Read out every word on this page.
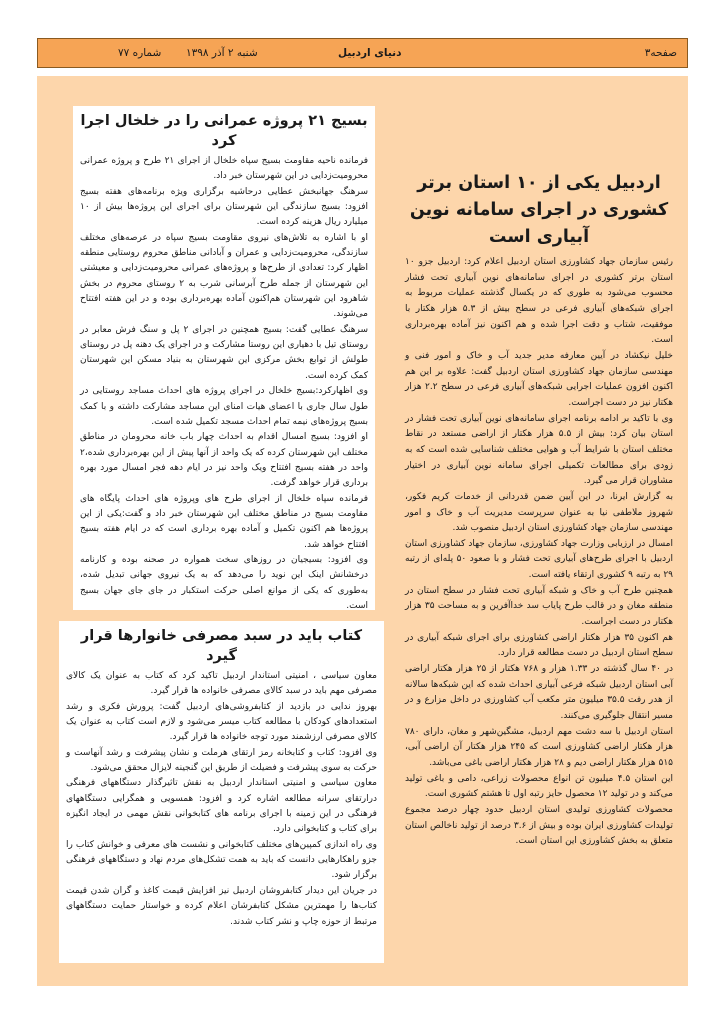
صفحه۳
دنیای اردبیل
شنبه ۲ آذر ۱۳۹۸
شماره ۷۷
بسیج ۲۱ پروژه عمرانی را در خلخال اجرا کرد

فرمانده ناحیه مقاومت بسیج سپاه خلخال از اجرای ۲۱ طرح و پروژه عمرانی محرومیت‌زدایی در این شهرستان خبر داد.

سرهنگ جهانبخش عطایی درحاشیه برگزاری ویژه برنامه‌های هفته بسیج افزود: بسیج سازندگی این شهرستان برای اجرای این پروژه‌ها بیش از ۱۰ میلیارد ریال هزینه کرده است.

او با اشاره به تلاش‌های نیروی مقاومت بسیج سپاه در عرصه‌های مختلف سازندگی، محرومیت‌زدایی و عمران و آبادانی مناطق محروم روستایی منطقه اظهار کرد: تعدادی از طرح‌ها و پروژه‌های عمرانی محرومیت‌زدایی و معیشتی این شهرستان از جمله طرح آبرسانی شرب به ۲ روستای محروم در بخش شاهرود این شهرستان هم‌اکنون آماده بهره‌برداری بوده و در این هفته افتتاح می‌شوند.

سرهنگ عطایی گفت: بسیج همچنین در اجرای ۲ پل و سنگ فرش معابر در روستای تیل با دهیاری این روستا مشارکت و در اجرای یک دهنه پل در روستای طولش از توابع بخش مرکزی این شهرستان به بنیاد مسکن این شهرستان کمک کرده است.

وی اظهارکرد:بسیج خلخال در اجرای پروژه های احداث مساجد روستایی در طول سال جاری با اعضای هیات امنای این مساجد مشارکت داشته و با کمک بسیج پروژه‌های نیمه تمام احداث مسجد تکمیل شده است.

او افزود: بسیج امسال اقدام به احداث چهار باب خانه محرومان در مناطق مختلف این شهرستان کرده که یک واحد از آنها پیش از این بهره‌برداری شده،۲ واحد در هفته بسیج افتتاح ویک واحد نیز در ایام دهه فجر امسال مورد بهره برداری قرار خواهد گرفت.

فرمانده سپاه خلخال از اجرای طرح های وپروژه های احداث پایگاه های مقاومت بسیج در مناطق مختلف این شهرستان خبر داد و گفت:یکی از این پروژه‌ها هم اکنون تکمیل و آماده بهره برداری است که در ایام هفته بسیج افتتاح خواهد شد.

وی افزود: بسیجیان در روزهای سخت همواره در صحنه بوده و کارنامه درخشانش اینک این نوید را می‌دهد که به یک نیروی جهانی تبدیل شده، به‌طوری که یکی از موانع اصلی حرکت استکبار در جای جای جهان بسیج است.

کتاب باید در سبد مصرفی خانوارها قرار گیرد

معاون سیاسی ، امنیتی استاندار اردبیل تاکید کرد که کتاب به عنوان یک کالای مصرفی مهم باید در سبد کالای مصرفی خانواده ها قرار گیرد.

بهروز ندایی در بازدید از کتابفروشی‌های اردبیل گفت: پرورش فکری و رشد استعدادهای کودکان با مطالعه کتاب میسر می‌شود و لازم است کتاب به عنوان یک کالای مصرفی ارزشمند مورد توجه خانواده ها قرار گیرد.

وی افزود: کتاب و کتابخانه رمز ارتقای هرملت و نشان پیشرفت و رشد آنهاست و حرکت به سوی پیشرفت و فضیلت از طریق این گنجینه لایزال محقق می‌شود.

معاون سیاسی و امنیتی استاندار اردبیل به نقش تاثیرگذار دستگاههای فرهنگی درارتقای سرانه مطالعه اشاره کرد و افزود: همسویی و همگرایی دستگاههای فرهنگی در این زمینه با اجرای برنامه های کتابخوانی نقش مهمی در ایجاد انگیزه برای کتاب و کتابخوانی دارد.

وی راه اندازی کمپین‌های مختلف کتابخوانی و نشست های معرفی و خوانش کتاب را جزو راهکارهایی دانست که باید به همت تشکل‌های مردم نهاد و دستگاههای فرهنگی برگزار شود.

در جریان این دیدار کتابفروشان اردبیل نیز افزایش قیمت کاغذ و گران شدن قیمت کتاب‌ها را مهمترین مشکل کتابفرشان اعلام کرده و خواستار حمایت دستگاههای مرتبط از حوزه چاپ و نشر کتاب شدند.

اردبیل یکی از ۱۰ استان برتر کشوری در اجرای سامانه نوین آبیاری است

رئیس سازمان جهاد کشاورزی استان اردبیل اعلام کرد: اردبیل جزو ۱۰ استان برتر کشوری در اجرای سامانه‌های نوین آبیاری تحت فشار محسوب می‌شود به طوری که در یکسال گذشته عملیات مربوط به اجرای شبکه‌های آبیاری فرعی در سطح بیش از ۵.۳ هزار هکتار با موفقیت، شتاب و دقت اجرا شده و هم اکنون نیز آماده بهره‌برداری است.

خلیل نیکشاد در آیین معارفه مدیر جدید آب و خاک و امور فنی و مهندسی سازمان جهاد کشاورزی استان اردبیل گفت: علاوه بر این هم اکنون افزون عملیات اجرایی شبکه‌های آبیاری فرعی در سطح ۲.۲ هزار هکتار نیز در دست اجراست.

وی با تاکید بر ادامه برنامه اجرای سامانه‌های نوین آبیاری تحت فشار در استان بیان کرد: بیش از ۵.۵ هزار هکتار از اراضی مستعد در نقاط مختلف استان با شرایط آب و هوایی مختلف شناسایی شده است که به زودی برای مطالعات تکمیلی اجرای سامانه نوین آبیاری در اختیار مشاوران قرار می گیرد.

به گزارش ایرنا، در این آیین ضمن قدردانی از خدمات کریم فکور، شهروز ملاطفی نیا به عنوان سرپرست مدیریت آب و خاک و امور مهندسی سازمان جهاد کشاورزی استان اردبیل منصوب شد.

امسال در ارزیابی وزارت جهاد کشاورزی، سازمان جهاد کشاورزی استان اردبیل با اجرای طرح‌های آبیاری تحت فشار و با صعود ۵۰ پله‌ای از رتبه ۲۹ به رتبه ۹ کشوری ارتقاء یافته است.

همچنین طرح آب و خاک و شبکه آبیاری تحت فشار در سطح استان در منطقه مغان و در قالب طرح پایاب سد خداآفرین و به مساحت ۳۵ هزار هکتار در دست اجراست.

هم اکنون ۳۵ هزار هکتار اراضی کشاورزی برای اجرای شبکه آبیاری در سطح استان اردبیل در دست مطالعه قرار دارد.

در ۴۰ سال گذشته در ۱.۳۳ هزار و ۷۶۸ هکتار از ۲۵ هزار هکتار اراضی آبی استان اردبیل شبکه فرعی آبیاری احداث شده که این شبکه‌ها سالانه از هدر رفت ۳۵.۵ میلیون متر مکعب آب کشاورزی در داخل مزارع و در مسیر انتقال جلوگیری می‌کنند.

استان اردبیل با سه دشت مهم اردبیل، مشگین‌شهر و مغان، دارای ۷۸۰ هزار هکتار اراضی کشاورزی است که ۲۴۵ هزار هکتار آن اراضی آبی، ۵۱۵ هزار هکتار اراضی دیم و ۲۸ هزار هکتار اراضی باغی می‌باشد.

این استان ۴.۵ میلیون تن انواع محصولات زراعی، دامی و باغی تولید می‌کند و در تولید ۱۲ محصول حایز رتبه اول تا هشتم کشوری است.

محصولات کشاورزی تولیدی استان اردبیل حدود چهار درصد مجموع تولیدات کشاورزی ایران بوده و بیش از ۳.۶ درصد از تولید ناخالص استان متعلق به بخش کشاورزی این استان است.
